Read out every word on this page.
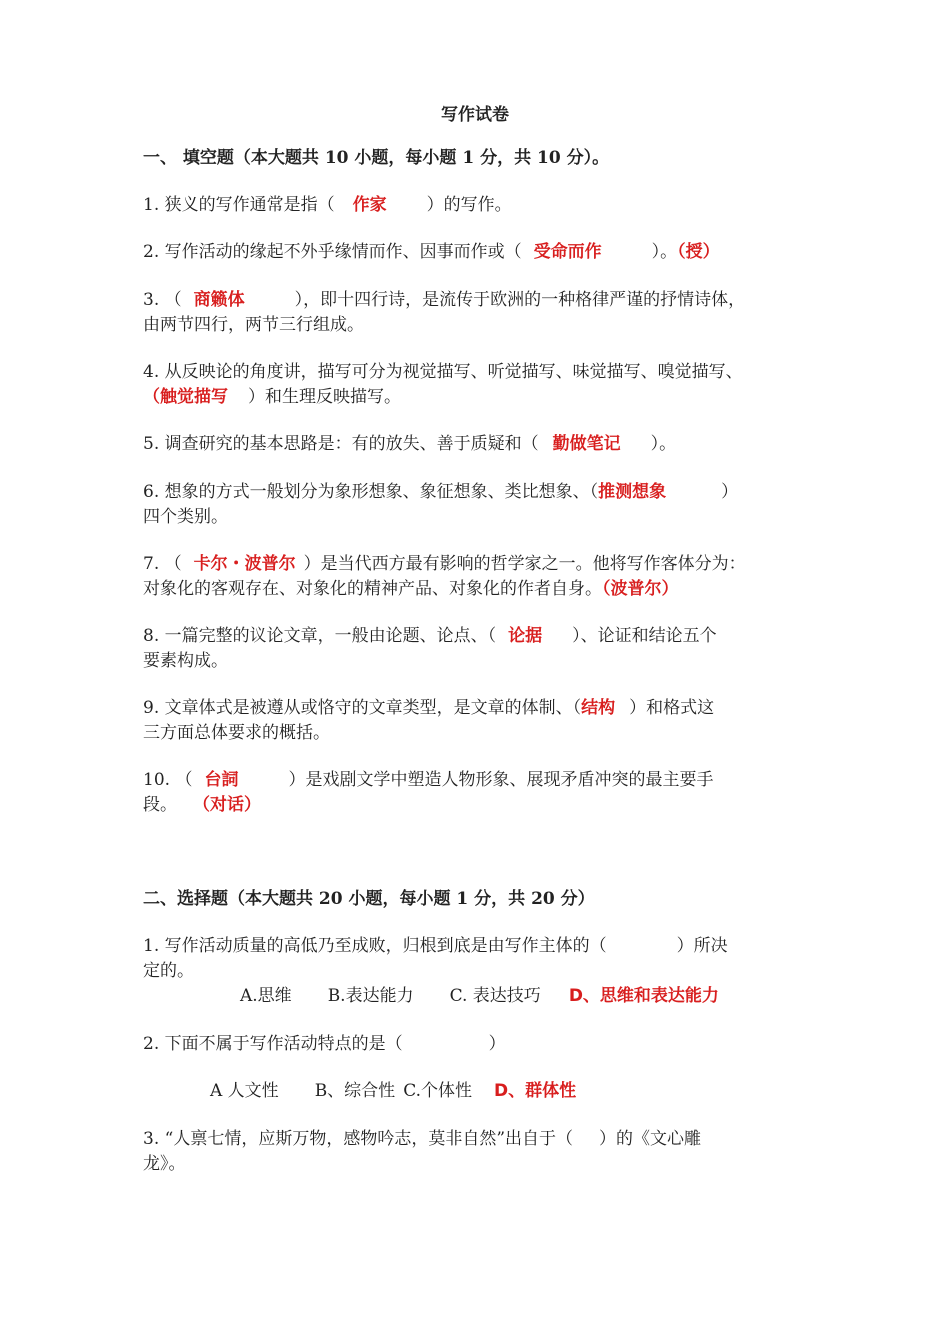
写作试卷
一、 填空题（本大题共 10 小题，每小题 1 分，共 10 分）。
1. 狭义的写作通常是指（ 作家 ）的写作。
2. 写作活动的缘起不外乎缘情而作、因事而作或（ 受命而作	）。（授）
3. （ 商籁体	），即十四行诗，是流传于欧洲的一种格律严谨的抒情诗体，
由两节四行，两节三行组成。
4. 从反映论的角度讲，描写可分为视觉描写、听觉描写、味觉描写、嗅觉描写、
（触觉描写 ）和生理反映描写。
5. 调查研究的基本思路是：有的放失、善于质疑和（ 勤做笔记 ）。
6. 想象的方式一般划分为象形想象、象征想象、类比想象、（推测想象	）
四个类别。
7. （ 卡尔・波普尔 ）是当代西方最有影响的哲学家之一。他将写作客体分为：
对象化的客观存在、对象化的精神产品、对象化的作者自身。（波普尔）
8. 一篇完整的议论文章，一般由论题、论点、（ 论据 ）、论证和结论五个
要素构成。
9. 文章体式是被遵从或恪守的文章类型，是文章的体制、（结构 ）和格式这
三方面总体要求的概括。
10. （ 台詞	）是戏剧文学中塑造人物形象、展现矛盾冲突的最主要手
段。 （对话）
二、选择题（本大题共 20 小题，每小题 1 分，共 20 分）
1. 写作活动质量的高低乃至成败，归根到底是由写作主体的（	）所决
定的。
A.思维 B.表达能力 C. 表达技巧 D、思维和表达能力
2. 下面不属于写作活动特点的是（	）
A 人文性 B、综合性 C.个体性 D、群体性
3. “人禀七情，应斯万物，感物吟志，莫非自然”出自于（ ）的《文心雕
龙》。
